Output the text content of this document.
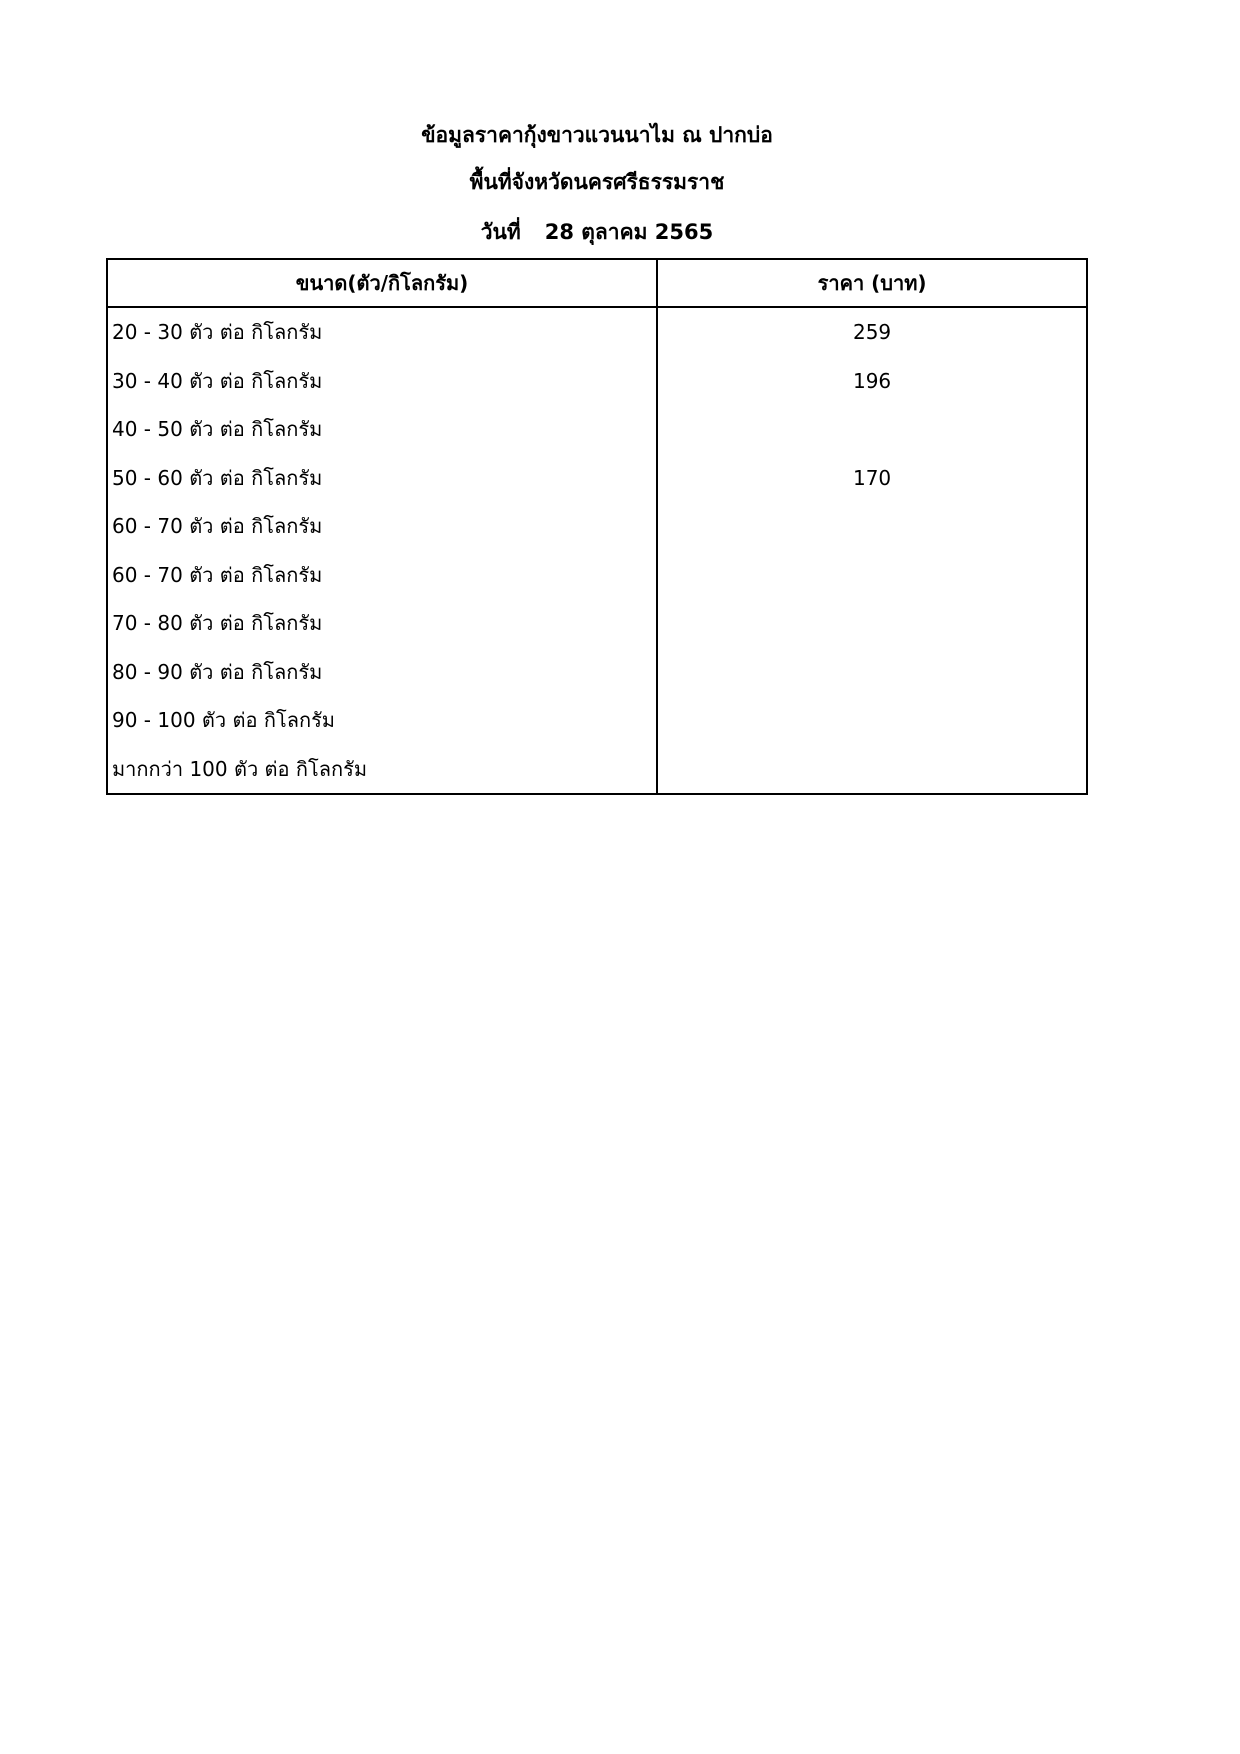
ข้อมูลราคากุ้งขาวแวนนาไม ณ ปากบ่อ
พื้นที่จังหวัดนครศรีธรรมราช
วันที่ 28 ตุลาคม 2565
ขนาด(ตัว/กิโลกรัม)	ราคา (บาท)
20 - 30 ตัว ต่อ กิโลกรัม	259
30 - 40 ตัว ต่อ กิโลกรัม	196
40 - 50 ตัว ต่อ กิโลกรัม	
50 - 60 ตัว ต่อ กิโลกรัม	170
60 - 70 ตัว ต่อ กิโลกรัม	
60 - 70 ตัว ต่อ กิโลกรัม	
70 - 80 ตัว ต่อ กิโลกรัม	
80 - 90 ตัว ต่อ กิโลกรัม	
90 - 100 ตัว ต่อ กิโลกรัม	
มากกว่า 100 ตัว ต่อ กิโลกรัม	
